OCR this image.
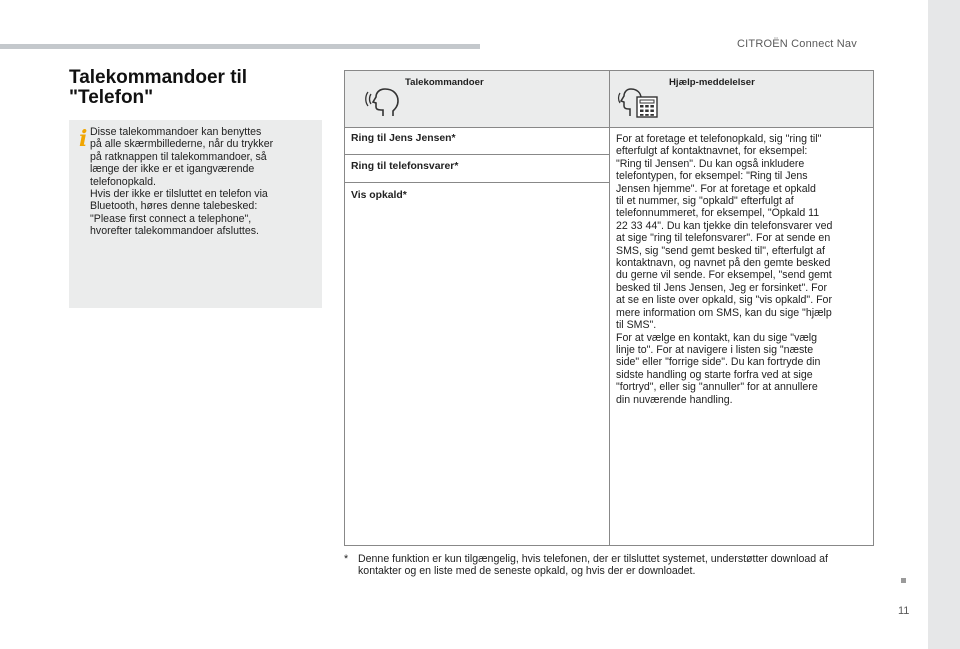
CITROËN Connect Nav
Talekommandoer til
"Telefon"
i Disse talekommandoer kan benyttes
på alle skærmbillederne, når du trykker
på ratknappen til talekommandoer, så
længe der ikke er et igangværende
telefonopkald.
Hvis der ikke er tilsluttet en telefon via
Bluetooth, høres denne talebesked:
"Please first connect a telephone",
hvorefter talekommandoer afsluttes.
Talekommandoer	Hjælp-meddelelser
Ring til Jens Jensen*
Ring til telefonsvarer*
Vis opkald*
For at foretage et telefonopkald, sig "ring til"
efterfulgt af kontaktnavnet, for eksempel:
"Ring til Jensen". Du kan også inkludere
telefontypen, for eksempel: "Ring til Jens
Jensen hjemme". For at foretage et opkald
til et nummer, sig "opkald" efterfulgt af
telefonnummeret, for eksempel, "Opkald 11
22 33 44". Du kan tjekke din telefonsvarer ved
at sige "ring til telefonsvarer". For at sende en
SMS, sig "send gemt besked til", efterfulgt af
kontaktnavn, og navnet på den gemte besked
du gerne vil sende. For eksempel, "send gemt
besked til Jens Jensen, Jeg er forsinket". For
at se en liste over opkald, sig "vis opkald". For
mere information om SMS, kan du sige "hjælp
til SMS".
For at vælge en kontakt, kan du sige "vælg
linje to". For at navigere i listen sig "næste
side" eller "forrige side". Du kan fortryde din
sidste handling og starte forfra ved at sige
"fortryd", eller sig "annuller" for at annullere
din nuværende handling.
* Denne funktion er kun tilgængelig, hvis telefonen, der er tilsluttet systemet, understøtter download af kontakter og en liste med de seneste opkald, og hvis der er downloadet.
11
